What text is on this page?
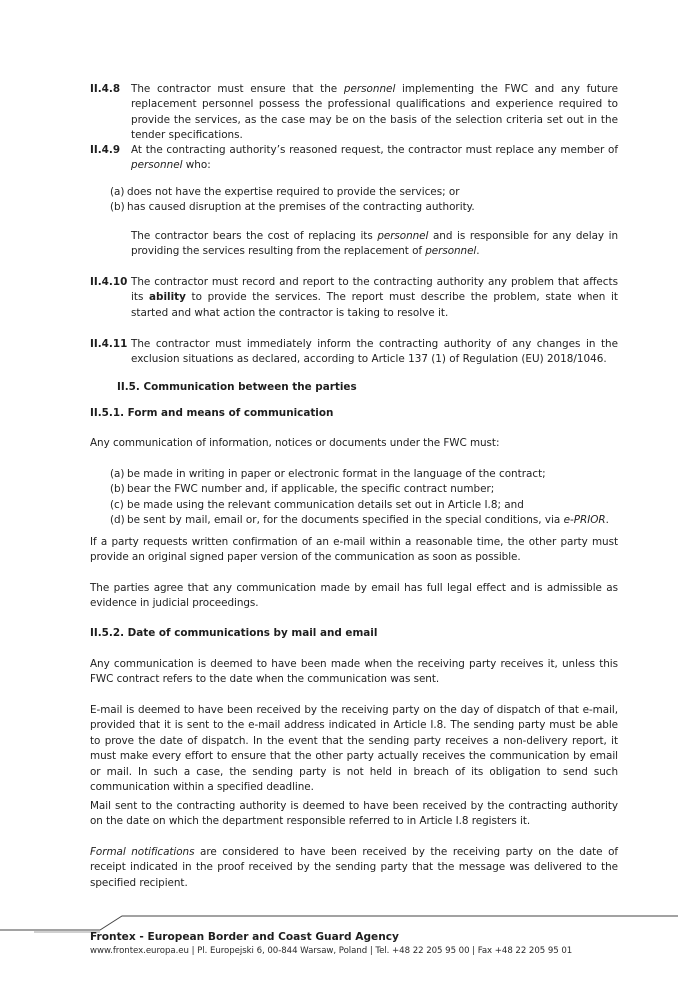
II.4.8 The contractor must ensure that the personnel implementing the FWC and any future replacement personnel possess the professional qualifications and experience required to provide the services, as the case may be on the basis of the selection criteria set out in the tender specifications.
II.4.9 At the contracting authority’s reasoned request, the contractor must replace any member of personnel who:
(a) does not have the expertise required to provide the services; or
(b) has caused disruption at the premises of the contracting authority.
The contractor bears the cost of replacing its personnel and is responsible for any delay in providing the services resulting from the replacement of personnel.
II.4.10 The contractor must record and report to the contracting authority any problem that affects its ability to provide the services. The report must describe the problem, state when it started and what action the contractor is taking to resolve it.
II.4.11 The contractor must immediately inform the contracting authority of any changes in the exclusion situations as declared, according to Article 137 (1) of Regulation (EU) 2018/1046.
II.5. Communication between the parties
II.5.1. Form and means of communication
Any communication of information, notices or documents under the FWC must:
(a) be made in writing in paper or electronic format in the language of the contract;
(b) bear the FWC number and, if applicable, the specific contract number;
(c) be made using the relevant communication details set out in Article I.8; and
(d) be sent by mail, email or, for the documents specified in the special conditions, via e-PRIOR.
If a party requests written confirmation of an e-mail within a reasonable time, the other party must provide an original signed paper version of the communication as soon as possible.
The parties agree that any communication made by email has full legal effect and is admissible as evidence in judicial proceedings.
II.5.2. Date of communications by mail and email
Any communication is deemed to have been made when the receiving party receives it, unless this FWC contract refers to the date when the communication was sent.
E-mail is deemed to have been received by the receiving party on the day of dispatch of that e-mail, provided that it is sent to the e-mail address indicated in Article I.8. The sending party must be able to prove the date of dispatch. In the event that the sending party receives a non-delivery report, it must make every effort to ensure that the other party actually receives the communication by email or mail. In such a case, the sending party is not held in breach of its obligation to send such communication within a specified deadline.
Mail sent to the contracting authority is deemed to have been received by the contracting authority on the date on which the department responsible referred to in Article I.8 registers it.
Formal notifications are considered to have been received by the receiving party on the date of receipt indicated in the proof received by the sending party that the message was delivered to the specified recipient.
Frontex - European Border and Coast Guard Agency
www.frontex.europa.eu | Pl. Europejski 6, 00-844 Warsaw, Poland | Tel. +48 22 205 95 00 | Fax +48 22 205 95 01
